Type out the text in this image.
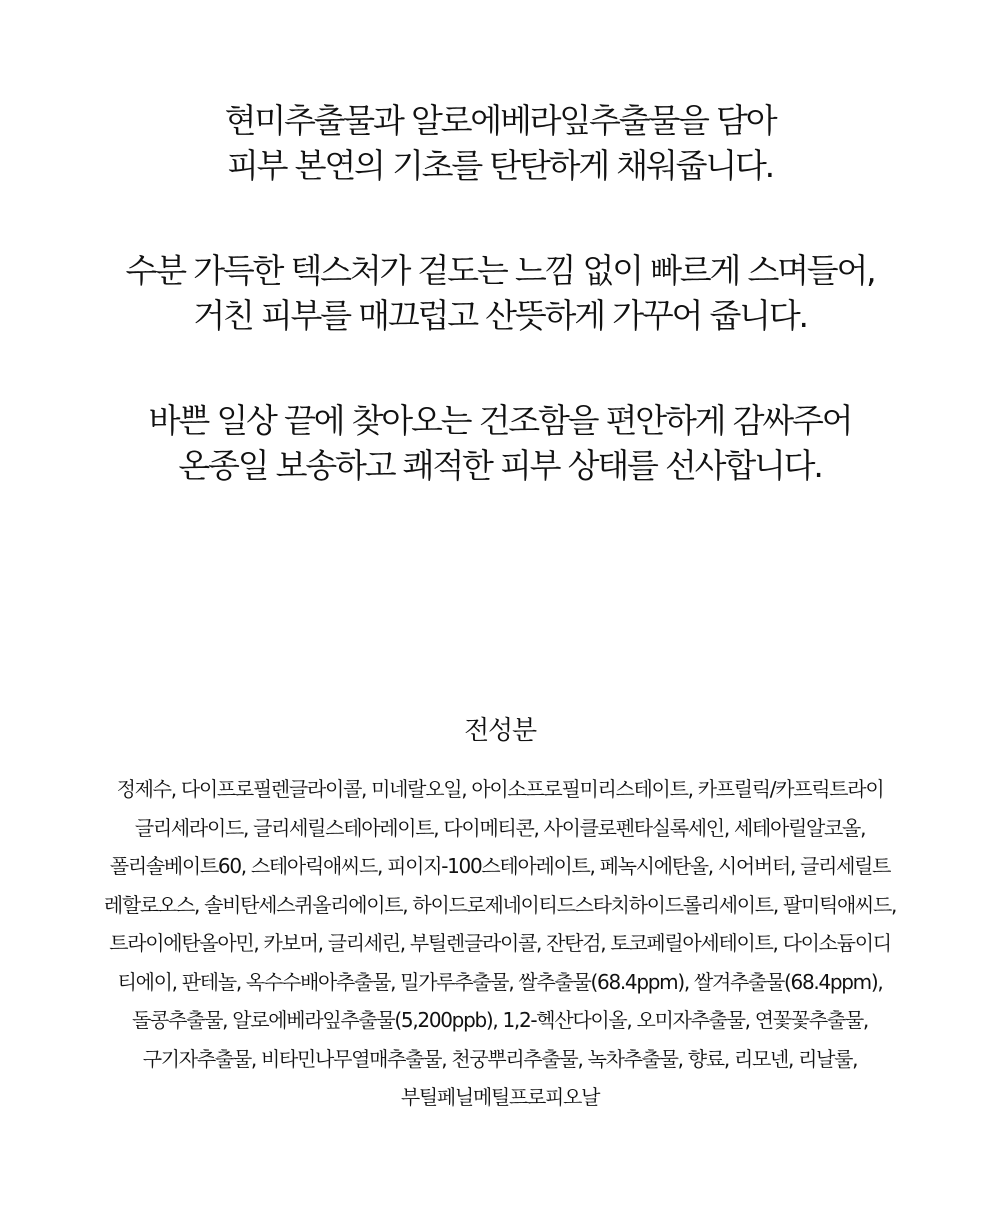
현미추출물과 알로에베라잎추출물을 담아
피부 본연의 기초를 탄탄하게 채워줍니다.
수분 가득한 텍스처가 겉도는 느낌 없이 빠르게 스며들어,
거친 피부를 매끄럽고 산뜻하게 가꾸어 줍니다.
바쁜 일상 끝에 찾아오는 건조함을 편안하게 감싸주어
온종일 보송하고 쾌적한 피부 상태를 선사합니다.
전성분
정제수, 다이프로필렌글라이콜, 미네랄오일, 아이소프로필미리스테이트, 카프릴릭/카프릭트라이
글리세라이드, 글리세릴스테아레이트, 다이메티콘, 사이클로펜타실록세인, 세테아릴알코올,
폴리솔베이트60, 스테아릭애씨드, 피이지-100스테아레이트, 페녹시에탄올, 시어버터, 글리세릴트
레할로오스, 솔비탄세스퀴올리에이트, 하이드로제네이티드스타치하이드롤리세이트, 팔미틱애씨드,
트라이에탄올아민, 카보머, 글리세린, 부틸렌글라이콜, 잔탄검, 토코페릴아세테이트, 다이소듐이디
티에이, 판테놀, 옥수수배아추출물, 밀가루추출물, 쌀추출물(68.4ppm), 쌀겨추출물(68.4ppm),
돌콩추출물, 알로에베라잎추출물(5,200ppb), 1,2-헥산다이올, 오미자추출물, 연꽃꽃추출물,
구기자추출물, 비타민나무열매추출물, 천궁뿌리추출물, 녹차추출물, 향료, 리모넨, 리날룰,
부틸페닐메틸프로피오날
